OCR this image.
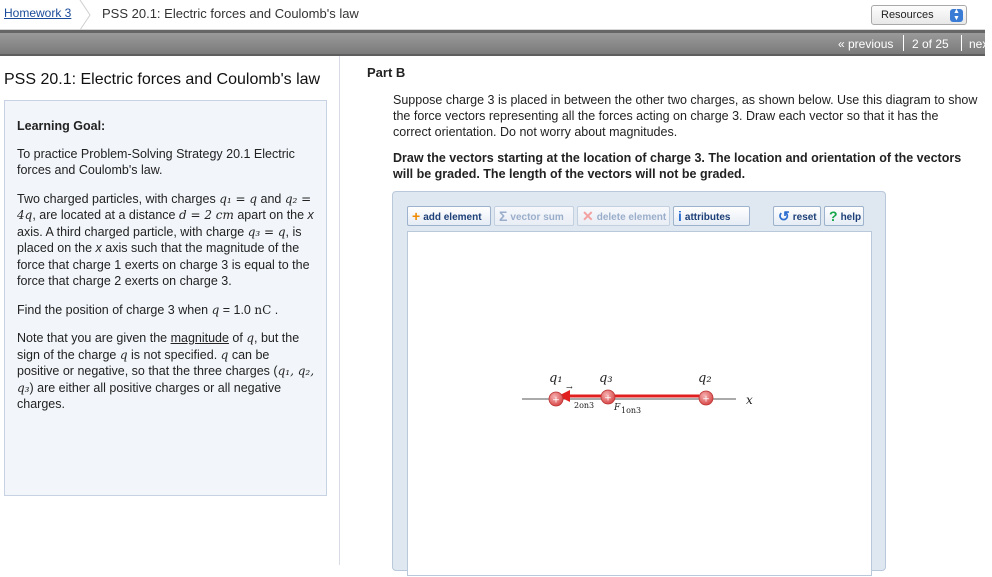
Homework 3 PSS 20.1: Electric forces and Coulomb's law	Resources	▲
▼
« previous 2 of 25 next
PSS 20.1: Electric forces and Coulomb's law
Learning Goal:
To practice Problem-Solving Strategy 20.1 Electric forces and Coulomb's law.
Two charged particles, with charges q₁ = q and q₂ = 4q, are located at a distance d = 2 cm apart on the x axis. A third charged particle, with charge q₃ = q, is placed on the x axis such that the magnitude of the force that charge 1 exerts on charge 3 is equal to the force that charge 2 exerts on charge 3.
Find the position of charge 3 when q = 1.0 nC .
Note that you are given the magnitude of q, but the sign of the charge q is not specified. q can be positive or negative, so that the three charges (q₁, q₂, q₃) are either all positive charges or all negative charges.
Part B
Suppose charge 3 is placed in between the other two charges, as shown below. Use this diagram to show the force vectors representing all the forces acting on charge 3. Draw each vector so that it has the correct orientation. Do not worry about magnitudes.
Draw the vectors starting at the location of charge 3. The location and orientation of the vectors will be graded. The length of the vectors will not be graded.
+ add element	Σ vector sum	✕ delete element i attributes	↺ reset ? help
x
+	+	+
q₁	q₃	q₂
→
2on3 F 1on3
